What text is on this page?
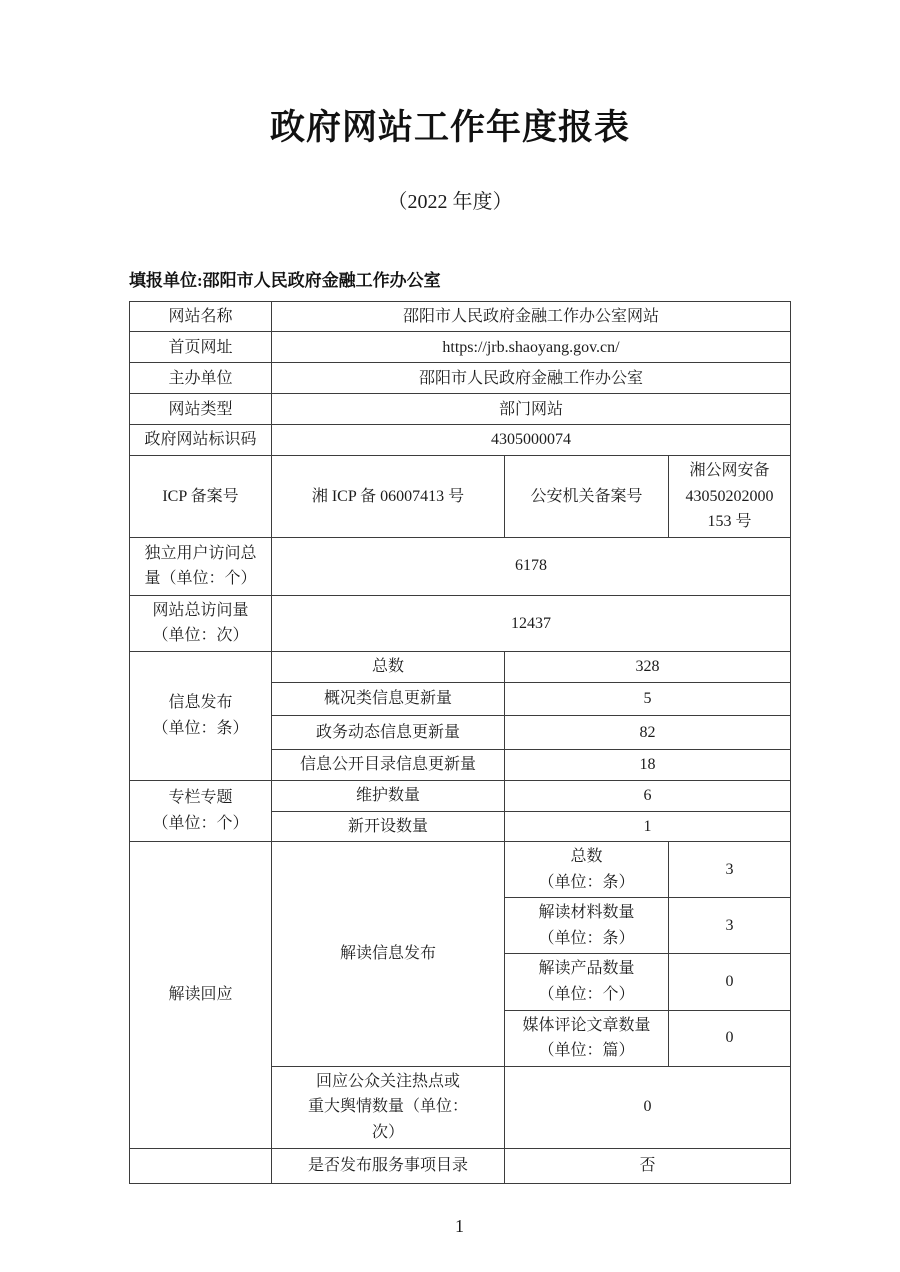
政府网站工作年度报表
（2022 年度）
填报单位:邵阳市人民政府金融工作办公室
网站名称	邵阳市人民政府金融工作办公室网站		
首页网址	https://jrb.shaoyang.gov.cn/		
主办单位	邵阳市人民政府金融工作办公室		
网站类型	部门网站		
政府网站标识码	4305000074		
ICP 备案号	湘 ICP 备 06007413 号	公安机关备案号	湘公网安备
43050202000
153 号
独立用户访问总
量（单位：个）	6178		
网站总访问量
（单位：次）	12437		
信息发布
（单位：条）	总数	328	
	概况类信息更新量	5	
	政务动态信息更新量	82	
	信息公开目录信息更新量	18	
专栏专题
（单位：个）	维护数量	6	
	新开设数量	1	
解读回应	解读信息发布	总数
（单位：条）	3
		解读材料数量
（单位：条）	3
		解读产品数量
（单位：个）	0
		媒体评论文章数量
（单位：篇）	0
	回应公众关注热点或
重大舆情数量（单位：
次）	0	
	是否发布服务事项目录	否	
1
